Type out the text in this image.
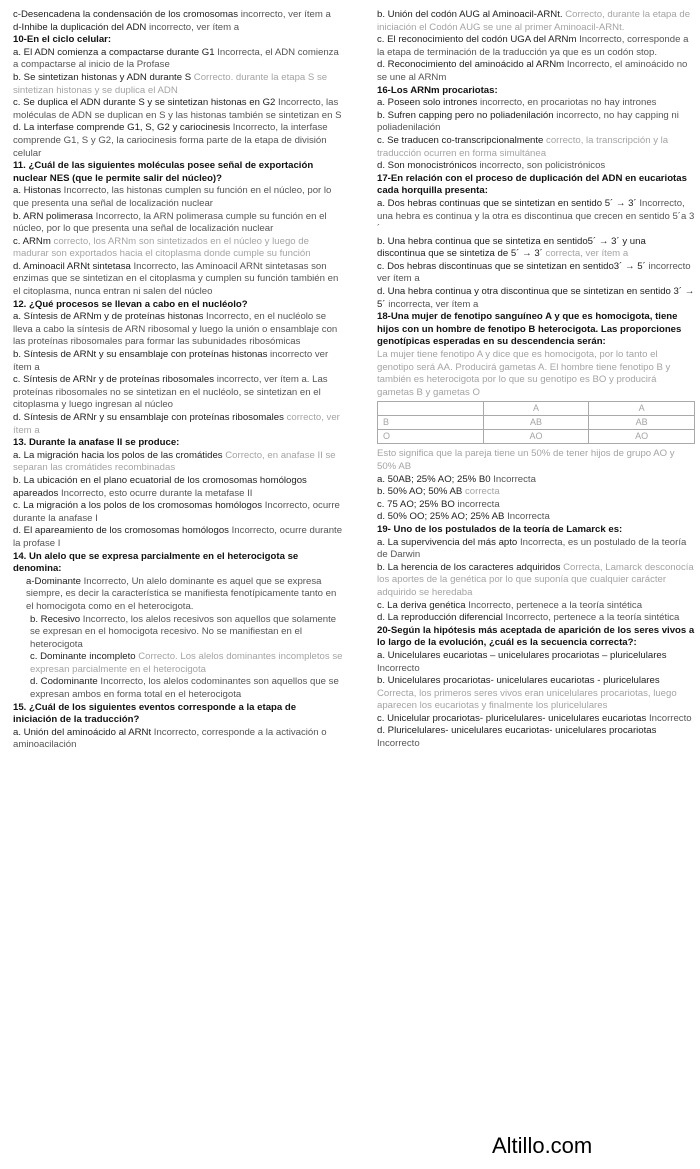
c-Desencadena la condensación de los cromosomas incorrecto, ver ítem a
d-Inhibe la duplicación del ADN incorrecto, ver ítem a
10-En el ciclo celular:
a. El ADN comienza a compactarse durante G1 Incorrecta, el ADN comienza a compactarse al inicio de la Profase
b. Se sintetizan histonas y ADN durante S Correcto. durante la etapa S se sintetizan histonas y se duplica el ADN
c. Se duplica el ADN durante S y se sintetizan histonas en G2 Incorrecto, las moléculas de ADN se duplican en S y las histonas también se sintetizan en S
d. La interfase comprende G1, S, G2 y cariocinesis Incorrecto, la interfase comprende G1, S y G2, la cariocinesis forma parte de la etapa de división celular
11. ¿Cuál de las siguientes moléculas posee señal de exportación nuclear NES (que le permite salir del núcleo)?
a. Histonas Incorrecto, las histonas cumplen su función en el núcleo, por lo que presenta una señal de localización nuclear
b. ARN polimerasa Incorrecto, la ARN polimerasa cumple su función en el núcleo, por lo que presenta una señal de localización nuclear
c. ARNm correcto, los ARNm son sintetizados en el núcleo y luego de madurar son exportados hacia el citoplasma donde cumple su función
d. Aminoacil ARNt sintetasa Incorrecto, las Aminoacil ARNt sintetasas son enzimas que se sintetizan en el citoplasma y cumplen su función también en el citoplasma, nunca entran ni salen del núcleo
12. ¿Qué procesos se llevan a cabo en el nucléolo?
a. Síntesis de ARNm y de proteínas histonas Incorrecto, en el nucléolo se lleva a cabo la síntesis de ARN ribosomal y luego la unión o ensamblaje con las proteínas ribosomales para formar las subunidades ribosómicas
b. Síntesis de ARNt y su ensamblaje con proteínas histonas incorrecto ver ítem a
c. Síntesis de ARNr y de proteínas ribosomales incorrecto, ver ítem a. Las proteínas ribosomales no se sintetizan en el nucléolo, se sintetizan en el citoplasma y luego ingresan al núcleo
d. Síntesis de ARNr y su ensamblaje con proteínas ribosomales correcto, ver ítem a
13. Durante la anafase II se produce:
a. La migración hacia los polos de las cromátides Correcto, en anafase II se separan las cromátides recombinadas
b. La ubicación en el plano ecuatorial de los cromosomas homólogos apareados Incorrecto, esto ocurre durante la metafase II
c. La migración a los polos de los cromosomas homólogos Incorrecto, ocurre durante la anafase I
d. El apareamiento de los cromosomas homólogos Incorrecto, ocurre durante la profase I
14. Un alelo que se expresa parcialmente en el heterocigota se denomina:
a-Dominante Incorrecto, Un alelo dominante es aquel que se expresa siempre, es decir la característica se manifiesta fenotípicamente tanto en el homocigota como en el heterocigota.
b. Recesivo Incorrecto, los alelos recesivos son aquellos que solamente se expresan en el homocigota recesivo. No se manifiestan en el heterocigota
c. Dominante incompleto Correcto. Los alelos dominantes incompletos se expresan parcialmente en el heterocigota
d. Codominante Incorrecto, los alelos codominantes son aquellos que se expresan ambos en forma total en el heterocigota
15. ¿Cuál de los siguientes eventos corresponde a la etapa de iniciación de la traducción?
a. Unión del aminoácido al ARNt Incorrecto, corresponde a la activación o aminoacilación
b. Unión del codón AUG al Aminoacil-ARNt. Correcto, durante la etapa de iniciación el Codón AUG se une al primer Aminoacil-ARNt.
c. El reconocimiento del codón UGA del ARNm Incorrecto, corresponde a la etapa de terminación de la traducción ya que es un codón stop.
d. Reconocimiento del aminoácido al ARNm Incorrecto, el aminoácido no se une al ARNm
16-Los ARNm procariotas:
a. Poseen solo intrones incorrecto, en procariotas no hay intrones
b. Sufren capping pero no poliadenilación incorrecto, no hay capping ni poliadenilación
c. Se traducen co-transcripcionalmente correcto, la transcripción y la traducción ocurren en forma simultánea
d. Son monocistrónicos incorrecto, son policistrónicos
17-En relación con el proceso de duplicación del ADN en eucariotas cada horquilla presenta:
a. Dos hebras continuas que se sintetizan en sentido 5´ → 3´ Incorrecto, una hebra es continua y la otra es discontinua que crecen en sentido 5´a 3´
b. Una hebra continua que se sintetiza en sentido5´ → 3´ y una discontinua que se sintetiza de 5´ → 3´ correcta, ver ítem a
c. Dos hebras discontinuas que se sintetizan en sentido3´ → 5´ incorrecto ver ítem a
d. Una hebra continua y otra discontinua que se sintetizan en sentido 3´ → 5´ incorrecta, ver ítem a
18-Una mujer de fenotipo sanguíneo A y que es homocigota, tiene hijos con un hombre de fenotipo B heterocigota. Las proporciones genotípicas esperadas en su descendencia serán:
La mujer tiene fenotipo A y dice que es homocigota, por lo tanto el genotipo será AA. Producirá gametas A. El hombre tiene fenotipo B y también es heterocigota por lo que su genotipo es BO y producirá gametas B y gametas O
	A	A
B	AB	AB
O	AO	AO
Esto significa que la pareja tiene un 50% de tener hijos de grupo AO y 50% AB
a. 50AB; 25% AO; 25% B0 Incorrecta
b. 50% AO; 50% AB correcta
c. 75 AO; 25% BO incorrecta
d. 50% OO; 25% AO; 25% AB Incorrecta
19- Uno de los postulados de la teoría de Lamarck es:
a. La supervivencia del más apto Incorrecta, es un postulado de la teoría de Darwin
b. La herencia de los caracteres adquiridos Correcta, Lamarck desconocía los aportes de la genética por lo que suponía que cualquier carácter adquirido se heredaba
c. La deriva genética Incorrecto, pertenece a la teoría sintética
d. La reproducción diferencial Incorrecto, pertenece a la teoría sintética
20-Según la hipótesis más aceptada de aparición de los seres vivos a lo largo de la evolución, ¿cuál es la secuencia correcta?:
a. Unicelulares eucariotas – unicelulares procariotas – pluricelulares Incorrecto
b. Unicelulares procariotas- unicelulares eucariotas - pluricelulares Correcta, los primeros seres vivos eran unicelulares procariotas, luego aparecen los eucariotas y finalmente los pluricelulares
c. Unicelular procariotas- pluricelulares- unicelulares eucariotas Incorrecto
d. Pluricelulares- unicelulares eucariotas- unicelulares procariotas Incorrecto
Altillo.com
